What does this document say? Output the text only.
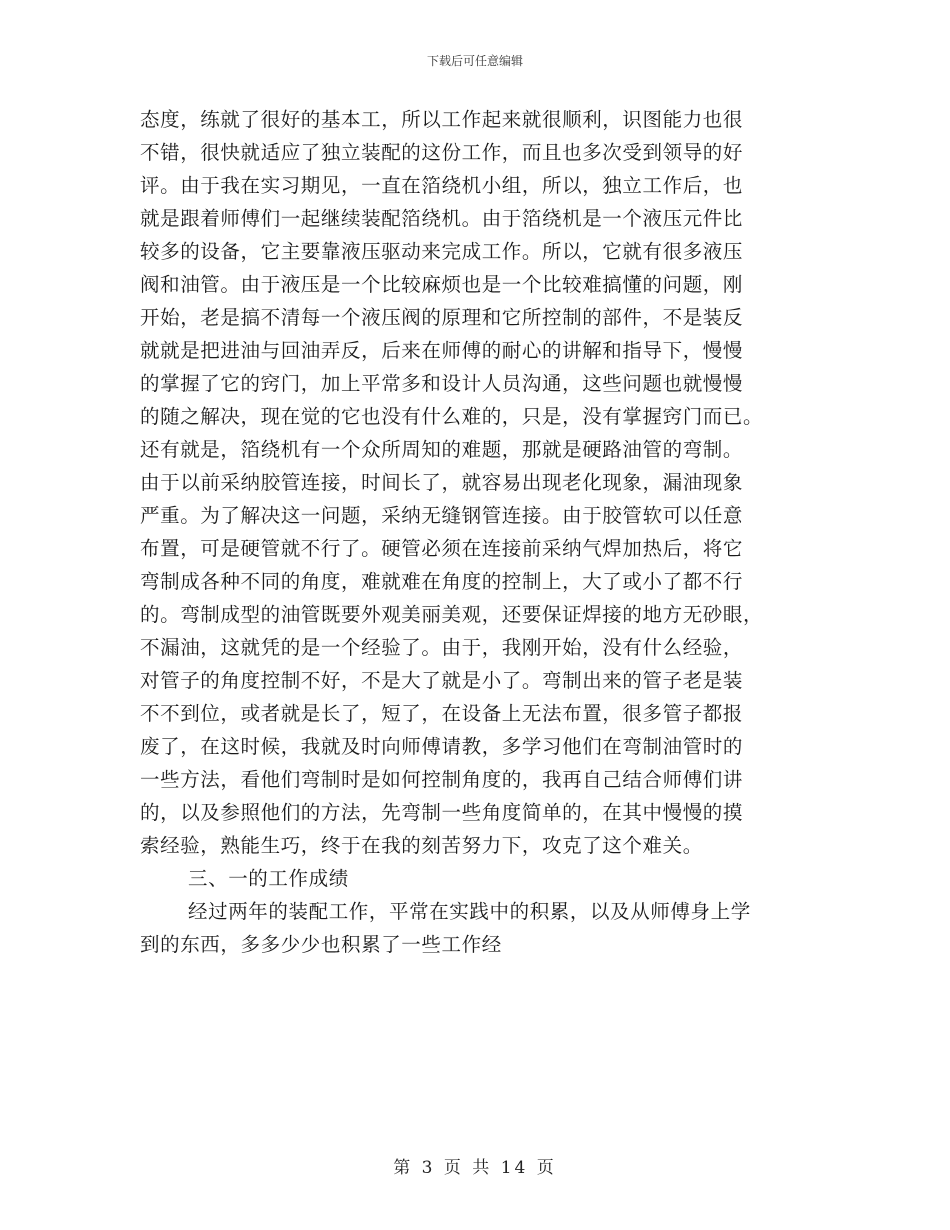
下载后可任意编辑
态度，练就了很好的基本工，所以工作起来就很顺利，识图能力也很
不错，很快就适应了独立装配的这份工作，而且也多次受到领导的好
评。由于我在实习期见，一直在箔绕机小组，所以，独立工作后，也
就是跟着师傅们一起继续装配箔绕机。由于箔绕机是一个液压元件比
较多的设备，它主要靠液压驱动来完成工作。所以，它就有很多液压
阀和油管。由于液压是一个比较麻烦也是一个比较难搞懂的问题，刚
开始，老是搞不清每一个液压阀的原理和它所控制的部件，不是装反
就就是把进油与回油弄反，后来在师傅的耐心的讲解和指导下，慢慢
的掌握了它的窍门，加上平常多和设计人员沟通，这些问题也就慢慢
的随之解决，现在觉的它也没有什么难的，只是，没有掌握窍门而已。
还有就是，箔绕机有一个众所周知的难题，那就是硬路油管的弯制。
由于以前采纳胶管连接，时间长了，就容易出现老化现象，漏油现象
严重。为了解决这一问题，采纳无缝钢管连接。由于胶管软可以任意
布置，可是硬管就不行了。硬管必须在连接前采纳气焊加热后，将它
弯制成各种不同的角度，难就难在角度的控制上，大了或小了都不行
的。弯制成型的油管既要外观美丽美观，还要保证焊接的地方无砂眼，
不漏油，这就凭的是一个经验了。由于，我刚开始，没有什么经验，
对管子的角度控制不好，不是大了就是小了。弯制出来的管子老是装
不不到位，或者就是长了，短了，在设备上无法布置，很多管子都报
废了，在这时候，我就及时向师傅请教，多学习他们在弯制油管时的
一些方法，看他们弯制时是如何控制角度的，我再自己结合师傅们讲
的，以及参照他们的方法，先弯制一些角度简单的，在其中慢慢的摸
索经验，熟能生巧，终于在我的刻苦努力下，攻克了这个难关。
三、一的工作成绩
经过两年的装配工作，平常在实践中的积累，以及从师傅身上学
到的东西，多多少少也积累了一些工作经
第 3 页 共 14 页
